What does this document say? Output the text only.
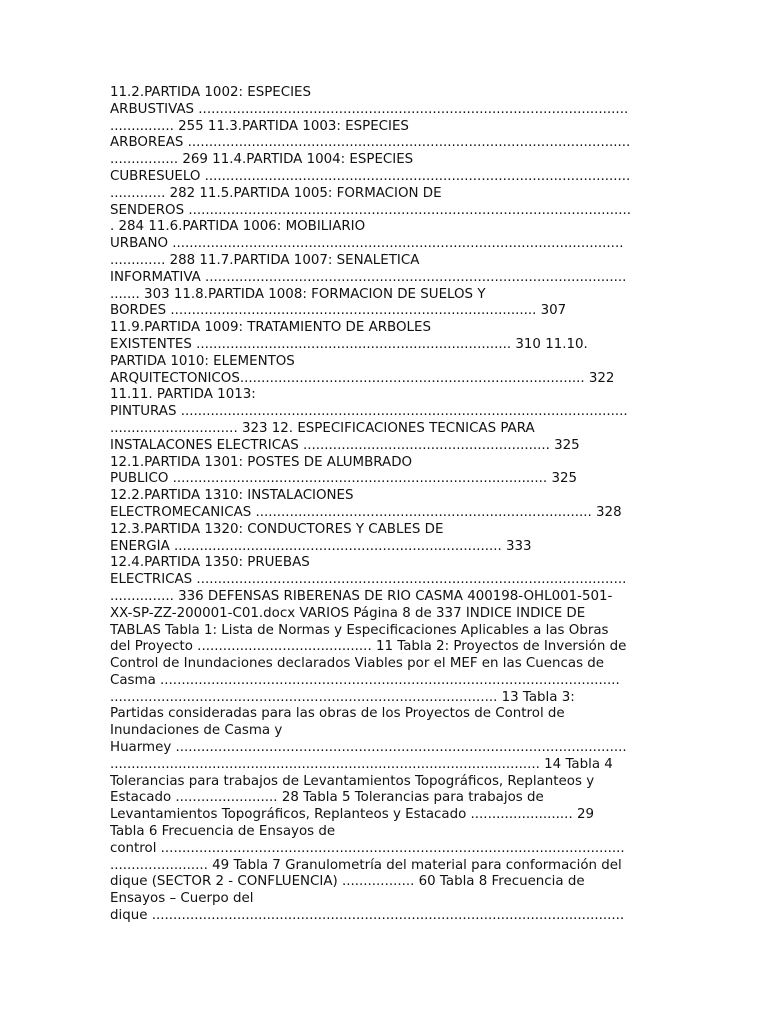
11.2.PARTIDA 1002: ESPECIES
ARBUSTIVAS .....................................................................................................
............... 255 11.3.PARTIDA 1003: ESPECIES
ARBÓREAS ........................................................................................................
................ 269 11.4.PARTIDA 1004: ESPECIES
CUBRESUELO ....................................................................................................
............. 282 11.5.PARTIDA 1005: FORMACIÓN DE
SENDEROS ........................................................................................................
. 284 11.6.PARTIDA 1006: MOBILIARIO
URBANO ..........................................................................................................
............. 288 11.7.PARTIDA 1007: SEÑALÉTICA
INFORMATIVA ...................................................................................................
....... 303 11.8.PARTIDA 1008: FORMACIÓN DE SUELOS Y
BORDES ...................................................................................... 307
11.9.PARTIDA 1009: TRATAMIENTO DE ÁRBOLES
EXISTENTES .......................................................................... 310 11.10.
PARTIDA 1010: ELEMENTOS
ARQUITECTÓNICOS................................................................................. 322
11.11. PARTIDA 1013:
PINTURAS .........................................................................................................
.............................. 323 12. ESPECIFICACIONES TÉCNICAS PARA
INSTALACONES ELÉCTRICAS .......................................................... 325
12.1.PARTIDA 1301: POSTES DE ALUMBRADO
PÚBLICO ........................................................................................ 325
12.2.PARTIDA 1310: INSTALACIONES
ELECTROMECANICAS ............................................................................... 328
12.3.PARTIDA 1320: CONDUCTORES Y CABLES DE
ENERGÍA ............................................................................. 333
12.4.PARTIDA 1350: PRUEBAS
ELECTRICAS .....................................................................................................
............... 336 DEFENSAS RIBEREÑAS DE RÍO CASMA 400198-OHL001-501-
XX-SP-ZZ-200001-C01.docx VARIOS Página 8 de 337 ÍNDICE ÍNDICE DE
TABLAS Tabla 1: Lista de Normas y Especificaciones Aplicables a las Obras
del Proyecto ......................................... 11 Tabla 2: Proyectos de Inversión de
Control de Inundaciones declarados Viables por el MEF en las Cuencas de
Casma ............................................................................................................
........................................................................................... 13 Tabla 3:
Partidas consideradas para las obras de los Proyectos de Control de
Inundaciones de Casma y
Huarmey ..........................................................................................................
..................................................................................................... 14 Tabla 4
Tolerancias para trabajos de Levantamientos Topográficos, Replanteos y
Estacado ........................ 28 Tabla 5 Tolerancias para trabajos de
Levantamientos Topográficos, Replanteos y Estacado ........................ 29
Tabla 6 Frecuencia de Ensayos de
control .............................................................................................................
....................... 49 Tabla 7 Granulometría del material para conformación del
dique (SECTOR 2 - CONFLUENCIA) ................. 60 Tabla 8 Frecuencia de
Ensayos – Cuerpo del
dique ...............................................................................................................
